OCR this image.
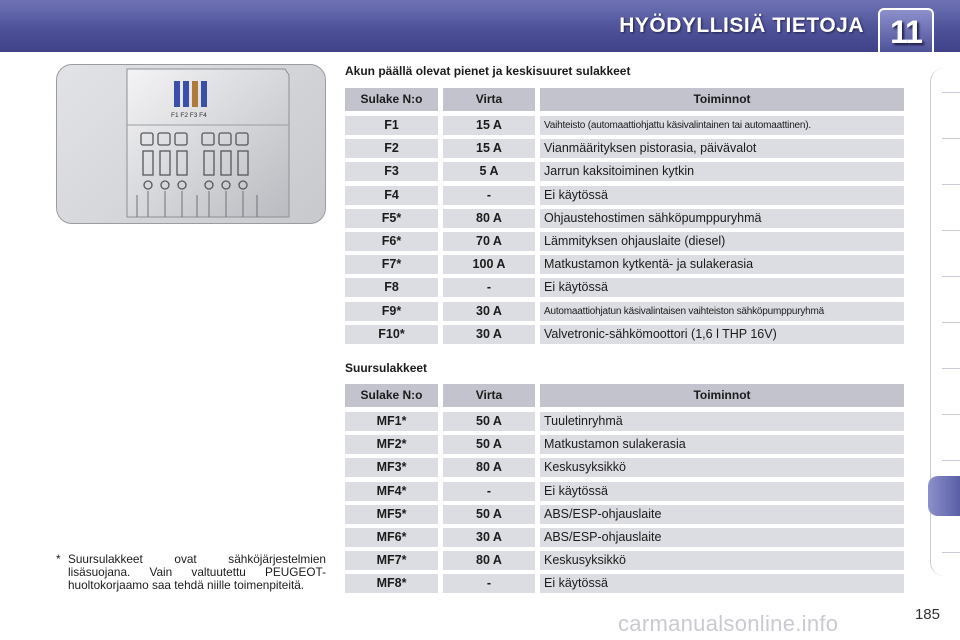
HYÖDYLLISIÄ TIETOJA 11
F1 F2 F3 F4
Akun päällä olevat pienet ja keskisuuret sulakkeet
Sulake N:o	Virta	Toiminnot
F1	15 A	Vaihteisto (automaattiohjattu käsivalintainen tai automaattinen).
F2	15 A	Vianmäärityksen pistorasia, päivävalot
F3	5 A	Jarrun kaksitoiminen kytkin
F4	-	Ei käytössä
F5*	80 A	Ohjaustehostimen sähköpumppuryhmä
F6*	70 A	Lämmityksen ohjauslaite (diesel)
F7*	100 A	Matkustamon kytkentä- ja sulakerasia
F8	-	Ei käytössä
F9*	30 A	Automaattiohjatun käsivalintaisen vaihteiston sähköpumppuryhmä
F10*	30 A	Valvetronic-sähkömoottori (1,6 l THP 16V)
Suursulakkeet
Sulake N:o	Virta	Toiminnot
MF1*	50 A	Tuuletinryhmä
MF2*	50 A	Matkustamon sulakerasia
MF3*	80 A	Keskusyksikkö
MF4*	-	Ei käytössä
MF5*	50 A	ABS/ESP-ohjauslaite
MF6*	30 A	ABS/ESP-ohjauslaite
MF7*	80 A	Keskusyksikkö
MF8*	-	Ei käytössä
* Suursulakkeet ovat sähköjärjestelmien lisäsuojana. Vain valtuutettu PEUGEOT-huoltokorjaamo saa tehdä niille toimenpiteitä.
185
carmanualsonline.info
